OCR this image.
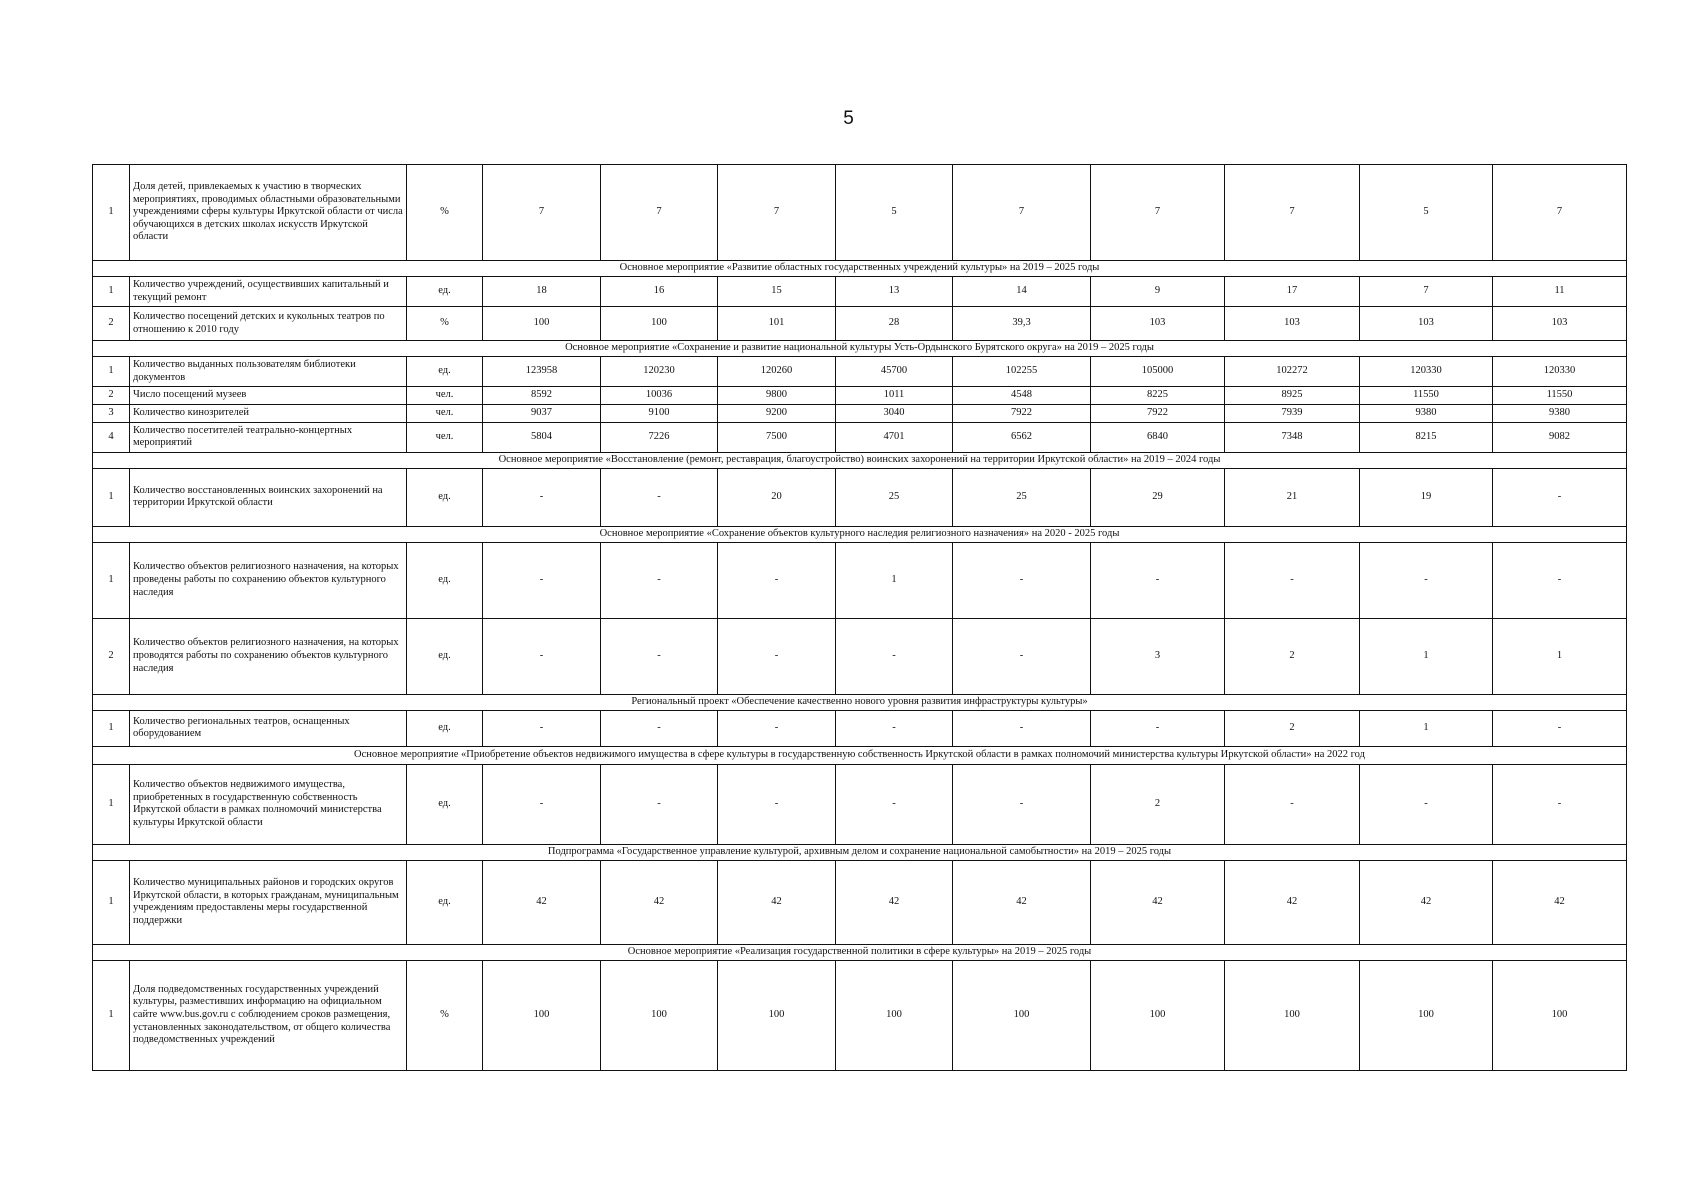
5
1	Доля детей, привлекаемых к участию в творческих мероприятиях, проводимых областными образовательными учреждениями сферы культуры Иркутской области от числа обучающихся в детских школах искусств Иркутской области	%	7	7	7	5	7	7	7	5	7
Основное мероприятие «Развитие областных государственных учреждений культуры» на 2019 – 2025 годы											
1	Количество учреждений, осуществивших капитальный и текущий ремонт	ед.	18	16	15	13	14	9	17	7	11
2	Количество посещений детских и кукольных театров по отношению к 2010 году	%	100	100	101	28	39,3	103	103	103	103
Основное мероприятие «Сохранение и развитие национальной культуры Усть-Ордынского Бурятского округа» на 2019 – 2025 годы											
1	Количество выданных пользователям библиотеки документов	ед.	123958	120230	120260	45700	102255	105000	102272	120330	120330
2	Число посещений музеев	чел.	8592	10036	9800	1011	4548	8225	8925	11550	11550
3	Количество кинозрителей	чел.	9037	9100	9200	3040	7922	7922	7939	9380	9380
4	Количество посетителей театрально-концертных мероприятий	чел.	5804	7226	7500	4701	6562	6840	7348	8215	9082
Основное мероприятие «Восстановление (ремонт, реставрация, благоустройство) воинских захоронений на территории Иркутской области» на 2019 – 2024 годы											
1	Количество восстановленных воинских захоронений на территории Иркутской области	ед.	-	-	20	25	25	29	21	19	-
Основное мероприятие «Сохранение объектов культурного наследия религиозного назначения» на 2020 - 2025 годы											
1	Количество объектов религиозного назначения, на которых проведены работы по сохранению объектов культурного наследия	ед.	-	-	-	1	-	-	-	-	-
2	Количество объектов религиозного назначения, на которых проводятся работы по сохранению объектов культурного наследия	ед.	-	-	-	-	-	3	2	1	1
Региональный проект «Обеспечение качественно нового уровня развития инфраструктуры культуры»											
1	Количество региональных театров, оснащенных оборудованием	ед.	-	-	-	-	-	-	2	1	-
Основное мероприятие «Приобретение объектов недвижимого имущества в сфере культуры в государственную собственность Иркутской области в рамках полномочий министерства культуры Иркутской области» на 2022 год											
1	Количество объектов недвижимого имущества, приобретенных в государственную собственность Иркутской области в рамках полномочий министерства культуры Иркутской области	ед.	-	-	-	-	-	2	-	-	-
Подпрограмма «Государственное управление культурой, архивным делом и сохранение национальной самобытности» на 2019 – 2025 годы											
1	Количество муниципальных районов и городских округов Иркутской области, в которых гражданам, муниципальным учреждениям предоставлены меры государственной поддержки	ед.	42	42	42	42	42	42	42	42	42
Основное мероприятие «Реализация государственной политики в сфере культуры» на 2019 – 2025 годы											
1	Доля подведомственных государственных учреждений культуры, разместивших информацию на официальном сайте www.bus.gov.ru с соблюдением сроков размещения, установленных законодательством, от общего количества подведомственных учреждений	%	100	100	100	100	100	100	100	100	100
